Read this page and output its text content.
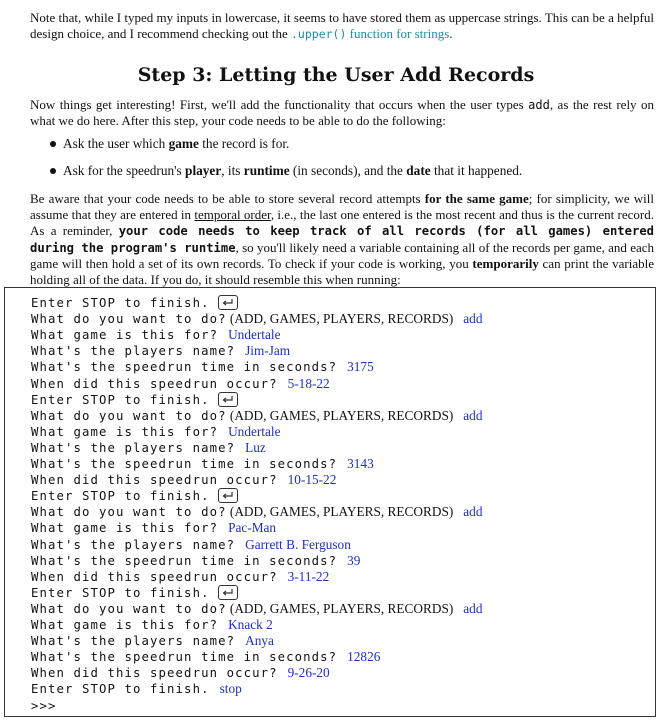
Note that, while I typed my inputs in lowercase, it seems to have stored them as uppercase strings. This can be a helpful design choice, and I recommend checking out the .upper() function for strings.
Step 3: Letting the User Add Records
Now things get interesting! First, we'll add the functionality that occurs when the user types add, as the rest rely on what we do here. After this step, your code needs to be able to do the following:
Ask the user which game the record is for.
Ask for the speedrun's player, its runtime (in seconds), and the date that it happened.
Be aware that your code needs to be able to store several record attempts for the same game; for simplicity, we will assume that they are entered in temporal order, i.e., the last one entered is the most recent and thus is the current record. As a reminder, your code needs to keep track of all records (for all games) entered during the program's runtime, so you'll likely need a variable containing all of the records per game, and each game will then hold a set of its own records. To check if your code is working, you temporarily can print the variable holding all of the data. If you do, it should resemble this when running:
Enter STOP to finish.
What do you want to do? (ADD, GAMES, PLAYERS, RECORDS) add
What game is this for? Undertale
What's the players name? Jim-Jam
What's the speedrun time in seconds? 3175
When did this speedrun occur? 5-18-22
Enter STOP to finish.
What do you want to do? (ADD, GAMES, PLAYERS, RECORDS) add
What game is this for? Undertale
What's the players name? Luz
What's the speedrun time in seconds? 3143
When did this speedrun occur? 10-15-22
Enter STOP to finish.
What do you want to do? (ADD, GAMES, PLAYERS, RECORDS) add
What game is this for? Pac-Man
What's the players name? Garrett B. Ferguson
What's the speedrun time in seconds? 39
When did this speedrun occur? 3-11-22
Enter STOP to finish.
What do you want to do? (ADD, GAMES, PLAYERS, RECORDS) add
What game is this for? Knack 2
What's the players name? Anya
What's the speedrun time in seconds? 12826
When did this speedrun occur? 9-26-20
Enter STOP to finish. stop
>>>
